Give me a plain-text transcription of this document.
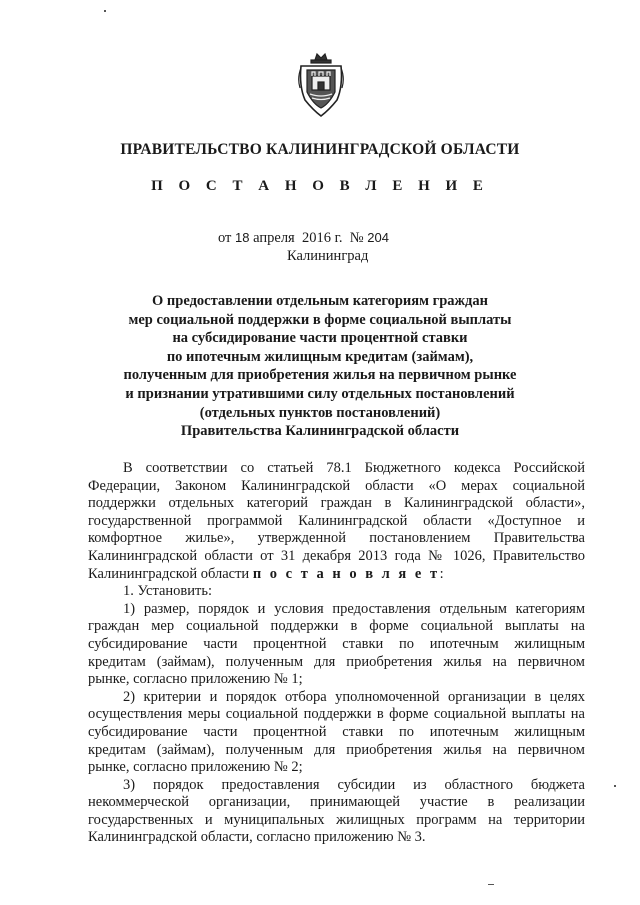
ПРАВИТЕЛЬСТВО КАЛИНИНГРАДСКОЙ ОБЛАСТИ
П О С Т А Н О В Л Е Н И Е
от 18 апреля 2016 г. № 204
Калининград
О предоставлении отдельным категориям граждан
мер социальной поддержки в форме социальной выплаты
на субсидирование части процентной ставки
по ипотечным жилищным кредитам (займам),
полученным для приобретения жилья на первичном рынке
и признании утратившими силу отдельных постановлений
(отдельных пунктов постановлений)
Правительства Калининградской области
В соответствии со статьей 78.1 Бюджетного кодекса Российской
Федерации, Законом Калининградской области «О мерах социальной
поддержки отдельных категорий граждан в Калининградской области»,
государственной программой Калининградской области «Доступное и
комфортное жилье», утвержденной постановлением Правительства
Калининградской области от 31 декабря 2013 года № 1026, Правительство
Калининградской области п о с т а н о в л я е т:
1. Установить:
1) размер, порядок и условия предоставления отдельным категориям
граждан мер социальной поддержки в форме социальной выплаты на
субсидирование части процентной ставки по ипотечным жилищным
кредитам (займам), полученным для приобретения жилья на первичном
рынке, согласно приложению № 1;
2) критерии и порядок отбора уполномоченной организации в целях
осуществления меры социальной поддержки в форме социальной выплаты на
субсидирование части процентной ставки по ипотечным жилищным
кредитам (займам), полученным для приобретения жилья на первичном
рынке, согласно приложению № 2;
3) порядок предоставления субсидии из областного бюджета
некоммерческой организации, принимающей участие в реализации
государственных и муниципальных жилищных программ на территории
Калининградской области, согласно приложению № 3.
